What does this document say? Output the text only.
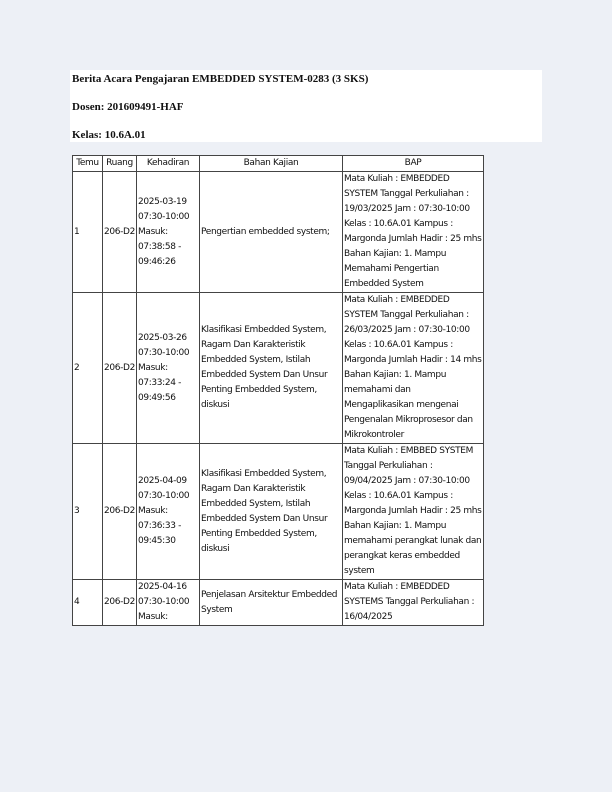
Berita Acara Pengajaran EMBEDDED SYSTEM-0283 (3 SKS)
Dosen: 201609491-HAF
Kelas: 10.6A.01
Temu	Ruang	Kehadiran	Bahan Kajian	BAP
1	206-D2	2025-03-19 07:30-10:00 Masuk: 07:38:58 - 09:46:26	Pengertian embedded system;	Mata Kuliah : EMBEDDED SYSTEM Tanggal Perkuliahan : 19/03/2025 Jam : 07:30-10:00 Kelas : 10.6A.01 Kampus : Margonda Jumlah Hadir : 25 mhs Bahan Kajian: 1. Mampu Memahami Pengertian Embedded System
2	206-D2	2025-03-26 07:30-10:00 Masuk: 07:33:24 - 09:49:56	Klasifikasi Embedded System, Ragam Dan Karakteristik Embedded System, Istilah Embedded System Dan Unsur Penting Embedded System, diskusi	Mata Kuliah : EMBEDDED SYSTEM Tanggal Perkuliahan : 26/03/2025 Jam : 07:30-10:00 Kelas : 10.6A.01 Kampus : Margonda Jumlah Hadir : 14 mhs Bahan Kajian: 1. Mampu memahami dan Mengaplikasikan mengenai Pengenalan Mikroprosesor dan Mikrokontroler
3	206-D2	2025-04-09 07:30-10:00 Masuk: 07:36:33 - 09:45:30	Klasifikasi Embedded System, Ragam Dan Karakteristik Embedded System, Istilah Embedded System Dan Unsur Penting Embedded System, diskusi	Mata Kuliah : EMBBED SYSTEM Tanggal Perkuliahan : 09/04/2025 Jam : 07:30-10:00 Kelas : 10.6A.01 Kampus : Margonda Jumlah Hadir : 25 mhs Bahan Kajian: 1. Mampu memahami perangkat lunak dan perangkat keras embedded system
4	206-D2	2025-04-16 07:30-10:00 Masuk:	Penjelasan Arsitektur Embedded System	Mata Kuliah : EMBEDDED SYSTEMS Tanggal Perkuliahan : 16/04/2025
